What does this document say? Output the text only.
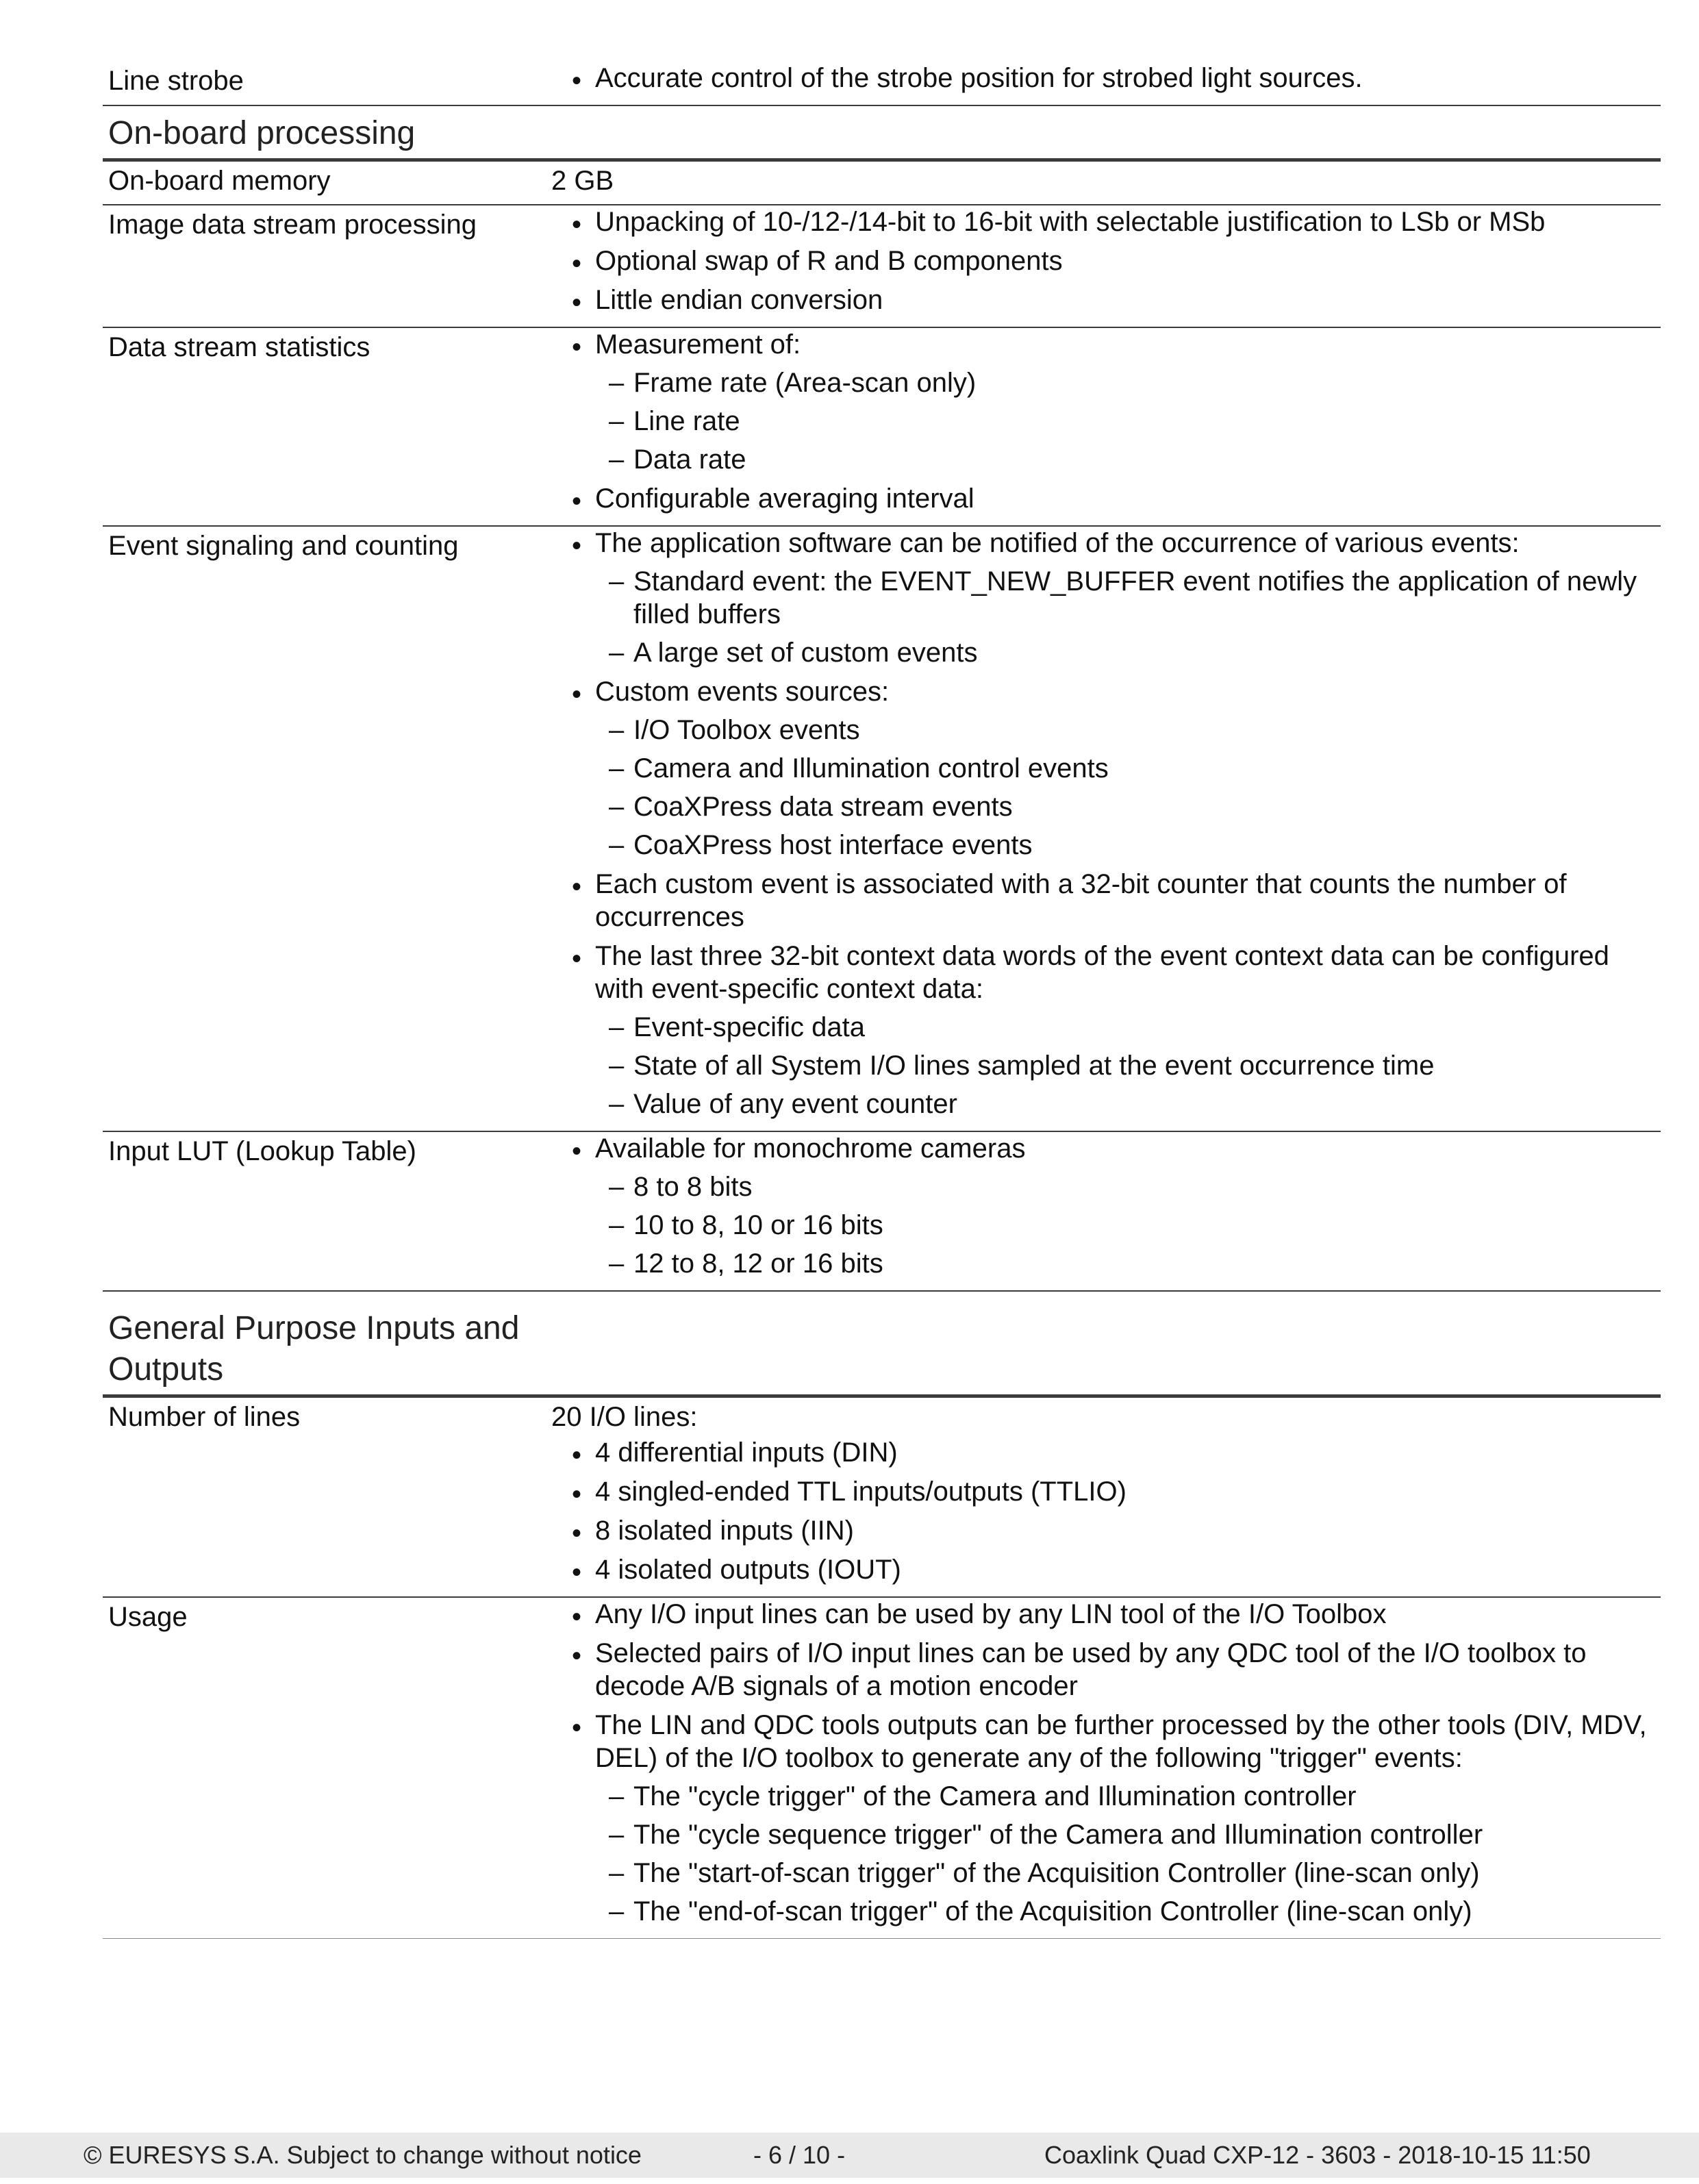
Line strobe	• Accurate control of the strobe position for strobed light sources.
On-board processing
On-board memory	2 GB
Image data stream processing	• Unpacking of 10-/12-/14-bit to 16-bit with selectable justification to LSb or MSb
• Optional swap of R and B components
• Little endian conversion
Data stream statistics	• Measurement of:
– Frame rate (Area-scan only)
– Line rate
– Data rate
• Configurable averaging interval
Event signaling and counting	• The application software can be notified of the occurrence of various events:
– Standard event: the EVENT_NEW_BUFFER event notifies the application of newly filled buffers
– A large set of custom events
• Custom events sources:
– I/O Toolbox events
– Camera and Illumination control events
– CoaXPress data stream events
– CoaXPress host interface events
• Each custom event is associated with a 32-bit counter that counts the number of occurrences
• The last three 32-bit context data words of the event context data can be configured with event-specific context data:
– Event-specific data
– State of all System I/O lines sampled at the event occurrence time
– Value of any event counter
Input LUT (Lookup Table)	• Available for monochrome cameras
– 8 to 8 bits
– 10 to 8, 10 or 16 bits
– 12 to 8, 12 or 16 bits
General Purpose Inputs and Outputs
Number of lines	20 I/O lines:
• 4 differential inputs (DIN)
• 4 singled-ended TTL inputs/outputs (TTLIO)
• 8 isolated inputs (IIN)
• 4 isolated outputs (IOUT)
Usage	• Any I/O input lines can be used by any LIN tool of the I/O Toolbox
• Selected pairs of I/O input lines can be used by any QDC tool of the I/O toolbox to decode A/B signals of a motion encoder
• The LIN and QDC tools outputs can be further processed by the other tools (DIV, MDV, DEL) of the I/O toolbox to generate any of the following "trigger" events:
– The "cycle trigger" of the Camera and Illumination controller
– The "cycle sequence trigger" of the Camera and Illumination controller
– The "start-of-scan trigger" of the Acquisition Controller (line-scan only)
– The "end-of-scan trigger" of the Acquisition Controller (line-scan only)
© EURESYS S.A. Subject to change without notice	- 6 / 10 -	Coaxlink Quad CXP-12 - 3603 - 2018-10-15 11:50
